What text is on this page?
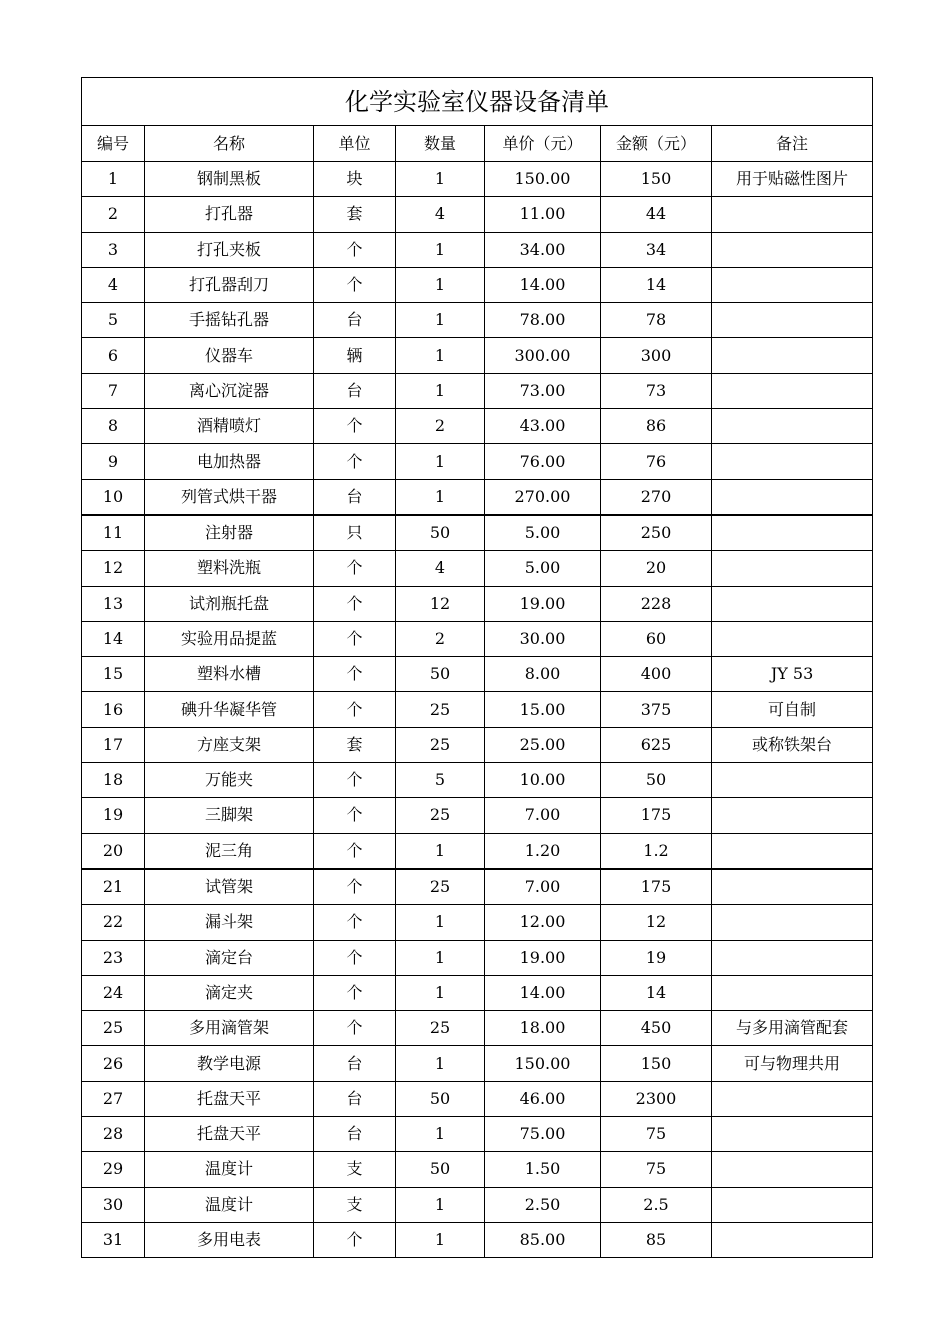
化学实验室仪器设备清单						
编号	名称	单位	数量	单价（元）	金额（元）	备注
1	钢制黑板	块	1	150.00	150	用于贴磁性图片
2	打孔器	套	4	11.00	44	
3	打孔夹板	个	1	34.00	34	
4	打孔器刮刀	个	1	14.00	14	
5	手摇钻孔器	台	1	78.00	78	
6	仪器车	辆	1	300.00	300	
7	离心沉淀器	台	1	73.00	73	
8	酒精喷灯	个	2	43.00	86	
9	电加热器	个	1	76.00	76	
10	列管式烘干器	台	1	270.00	270	
11	注射器	只	50	5.00	250	
12	塑料洗瓶	个	4	5.00	20	
13	试剂瓶托盘	个	12	19.00	228	
14	实验用品提蓝	个	2	30.00	60	
15	塑料水槽	个	50	8.00	400	JY 53
16	碘升华凝华管	个	25	15.00	375	可自制
17	方座支架	套	25	25.00	625	或称铁架台
18	万能夹	个	5	10.00	50	
19	三脚架	个	25	7.00	175	
20	泥三角	个	1	1.20	1.2	
21	试管架	个	25	7.00	175	
22	漏斗架	个	1	12.00	12	
23	滴定台	个	1	19.00	19	
24	滴定夹	个	1	14.00	14	
25	多用滴管架	个	25	18.00	450	与多用滴管配套
26	教学电源	台	1	150.00	150	可与物理共用
27	托盘天平	台	50	46.00	2300	
28	托盘天平	台	1	75.00	75	
29	温度计	支	50	1.50	75	
30	温度计	支	1	2.50	2.5	
31	多用电表	个	1	85.00	85	
